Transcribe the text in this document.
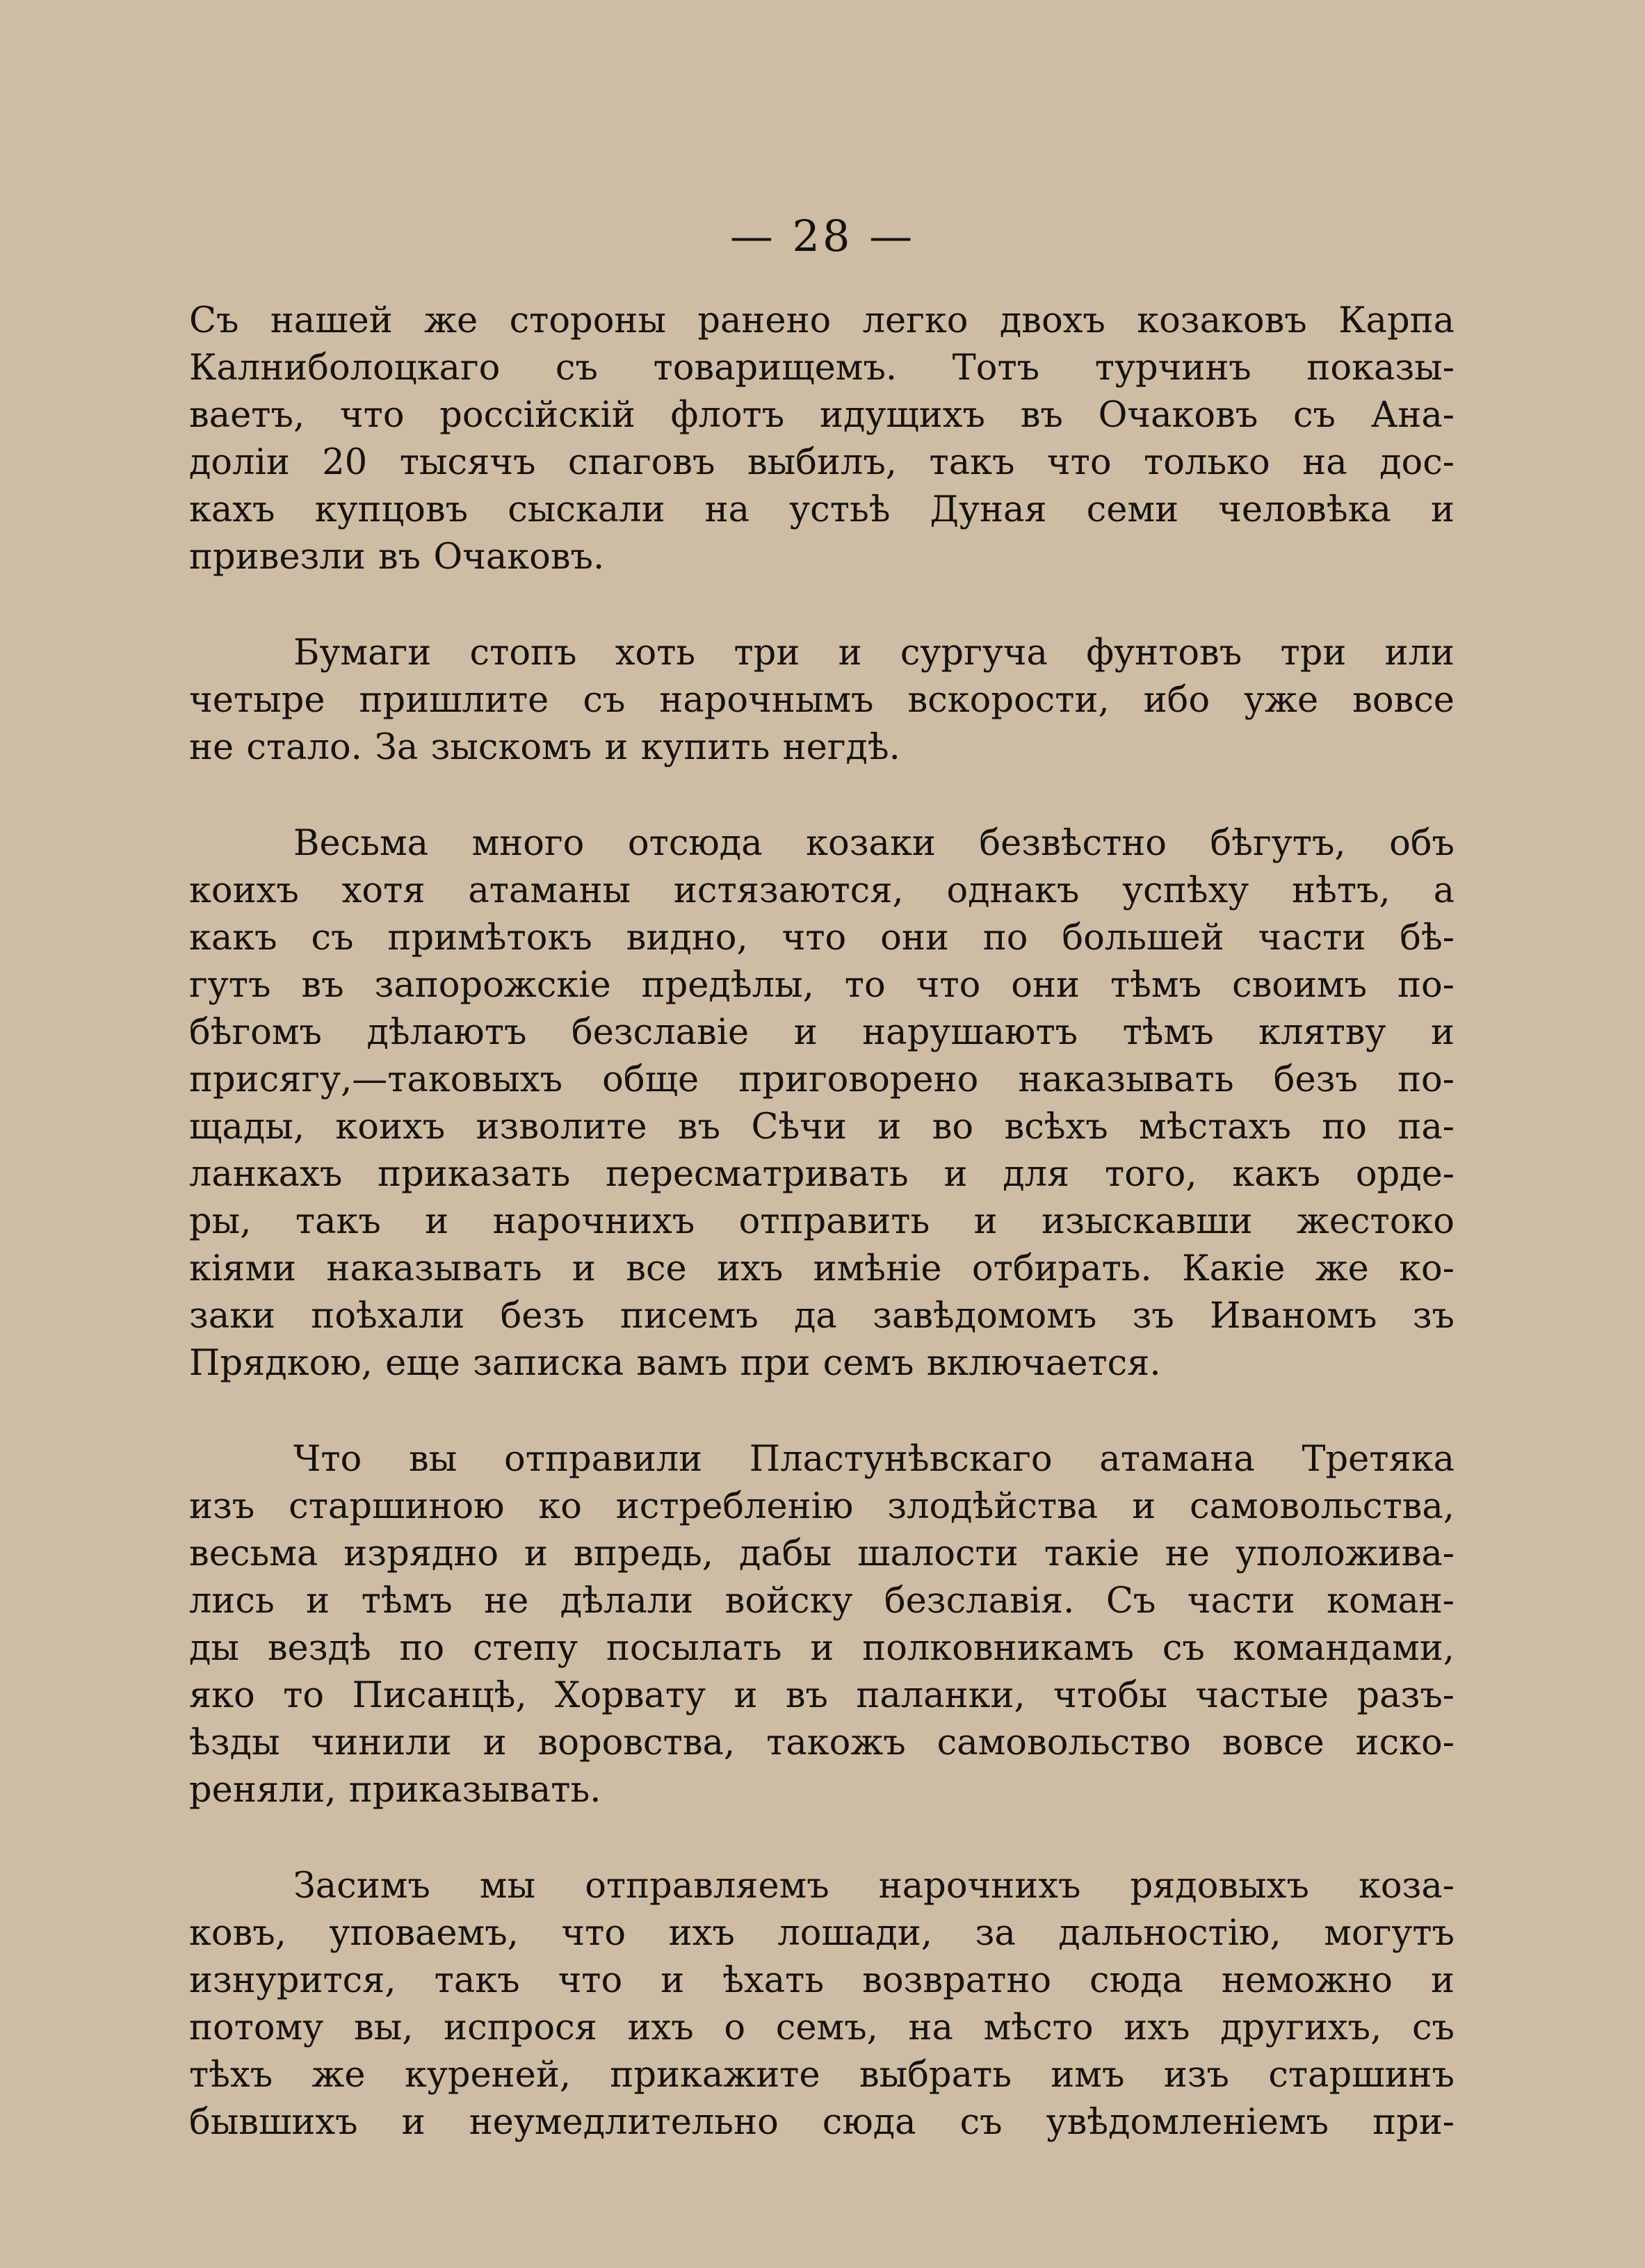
— 28 —
Съ нашей же стороны ранено легко двохъ козаковъ Карпа
Калниболоцкаго съ товарищемъ. Тотъ турчинъ показы-
ваетъ, что россійскій флотъ идущихъ въ Очаковъ съ Ана-
доліи 20 тысячъ спаговъ выбилъ, такъ что только на дос-
кахъ купцовъ сыскали на устьѣ Дуная семи человѣка и
привезли въ Очаковъ.
Бумаги стопъ хоть три и сургуча фунтовъ три или
четыре пришлите съ нарочнымъ вскорости, ибо уже вовсе
не стало. За зыскомъ и купить негдѣ.
Весьма много отсюда козаки безвѣстно бѣгутъ, объ
коихъ хотя атаманы истязаются, однакъ успѣху нѣтъ, а
какъ съ примѣтокъ видно, что они по большей части бѣ-
гутъ въ запорожскіе предѣлы, то что они тѣмъ своимъ по-
бѣгомъ дѣлаютъ безславіе и нарушаютъ тѣмъ клятву и
присягу,—таковыхъ обще приговорено наказывать безъ по-
щады, коихъ изволите въ Сѣчи и во всѣхъ мѣстахъ по па-
ланкахъ приказать пересматривать и для того, какъ орде-
ры, такъ и нарочнихъ отправить и изыскавши жестоко
кіями наказывать и все ихъ имѣніе отбирать. Какіе же ко-
заки поѣхали безъ писемъ да завѣдомомъ зъ Иваномъ зъ
Прядкою, еще записка вамъ при семъ включается.
Что вы отправили Пластунѣвскаго атамана Третяка
изъ старшиною ко истребленію злодѣйства и самовольства,
весьма изрядно и впредь, дабы шалости такіе не уположива-
лись и тѣмъ не дѣлали войску безславія. Съ части коман-
ды вездѣ по степу посылать и полковникамъ съ командами,
яко то Писанцѣ, Хорвату и въ паланки, чтобы частые разъ-
ѣзды чинили и воровства, такожъ самовольство вовсе иско-
реняли, приказывать.
Засимъ мы отправляемъ нарочнихъ рядовыхъ коза-
ковъ, уповаемъ, что ихъ лошади, за дальностію, могутъ
изнурится, такъ что и ѣхать возвратно сюда неможно и
потому вы, испрося ихъ о семъ, на мѣсто ихъ другихъ, съ
тѣхъ же куреней, прикажите выбрать имъ изъ старшинъ
бывшихъ и неумедлительно сюда съ увѣдомленіемъ при-
